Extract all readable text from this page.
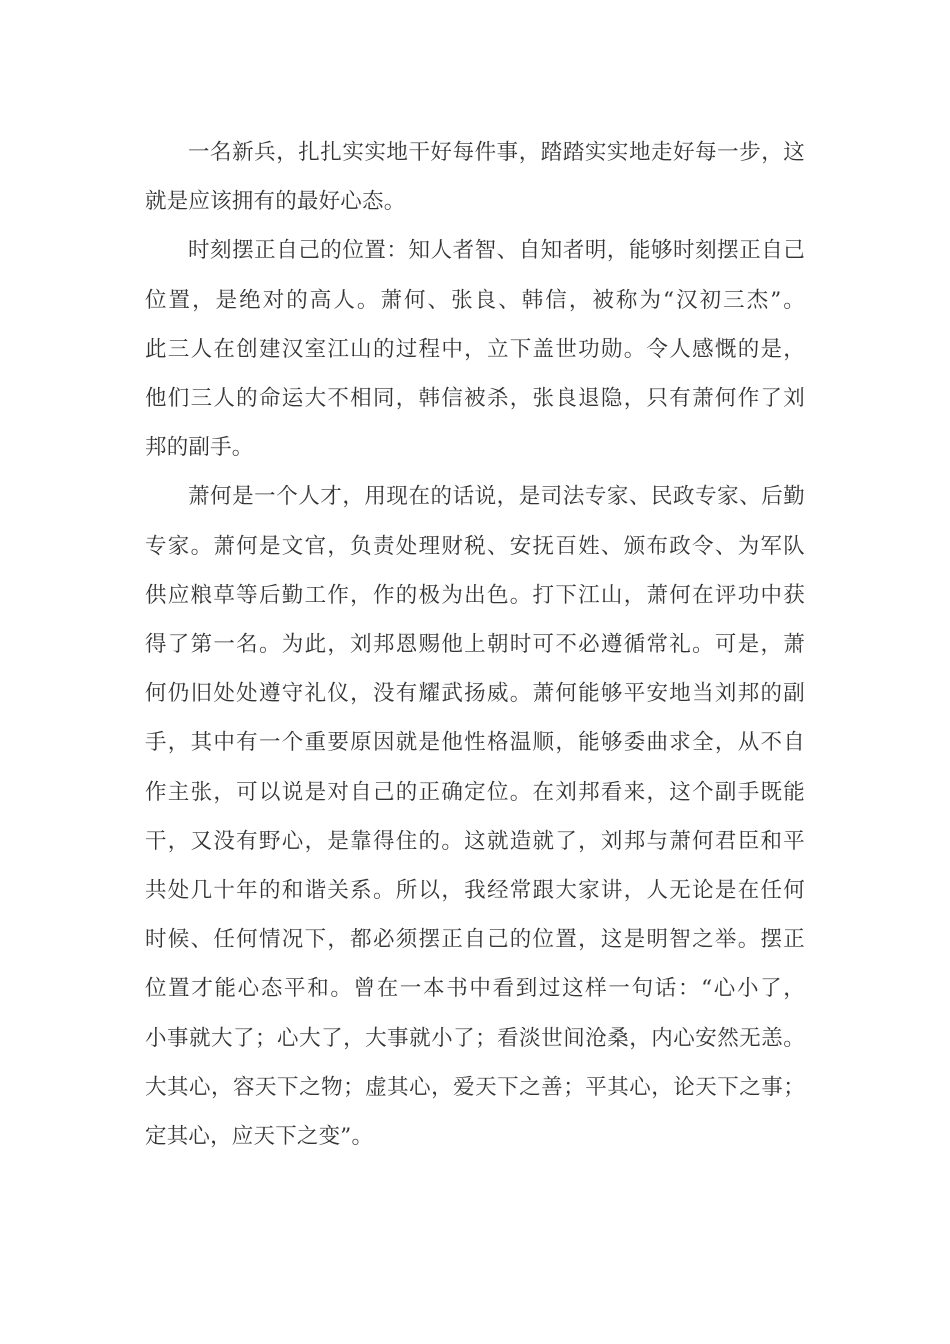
一名新兵，扎扎实实地干好每件事，踏踏实实地走好每一步，这
就是应该拥有的最好心态。
时刻摆正自己的位置：知人者智、自知者明，能够时刻摆正自己
位置，是绝对的高人。萧何、张良、韩信，被称为“汉初三杰”。
此三人在创建汉室江山的过程中，立下盖世功勋。令人感慨的是，
他们三人的命运大不相同，韩信被杀，张良退隐，只有萧何作了刘
邦的副手。
萧何是一个人才，用现在的话说，是司法专家、民政专家、后勤
专家。萧何是文官，负责处理财税、安抚百姓、颁布政令、为军队
供应粮草等后勤工作，作的极为出色。打下江山，萧何在评功中获
得了第一名。为此，刘邦恩赐他上朝时可不必遵循常礼。可是，萧
何仍旧处处遵守礼仪，没有耀武扬威。萧何能够平安地当刘邦的副
手，其中有一个重要原因就是他性格温顺，能够委曲求全，从不自
作主张，可以说是对自己的正确定位。在刘邦看来，这个副手既能
干，又没有野心，是靠得住的。这就造就了，刘邦与萧何君臣和平
共处几十年的和谐关系。所以，我经常跟大家讲，人无论是在任何
时候、任何情况下，都必须摆正自己的位置，这是明智之举。摆正
位置才能心态平和。曾在一本书中看到过这样一句话：“心小了，
小事就大了；心大了，大事就小了；看淡世间沧桑，内心安然无恙。
大其心，容天下之物；虚其心，爱天下之善；平其心，论天下之事；
定其心，应天下之变”。
